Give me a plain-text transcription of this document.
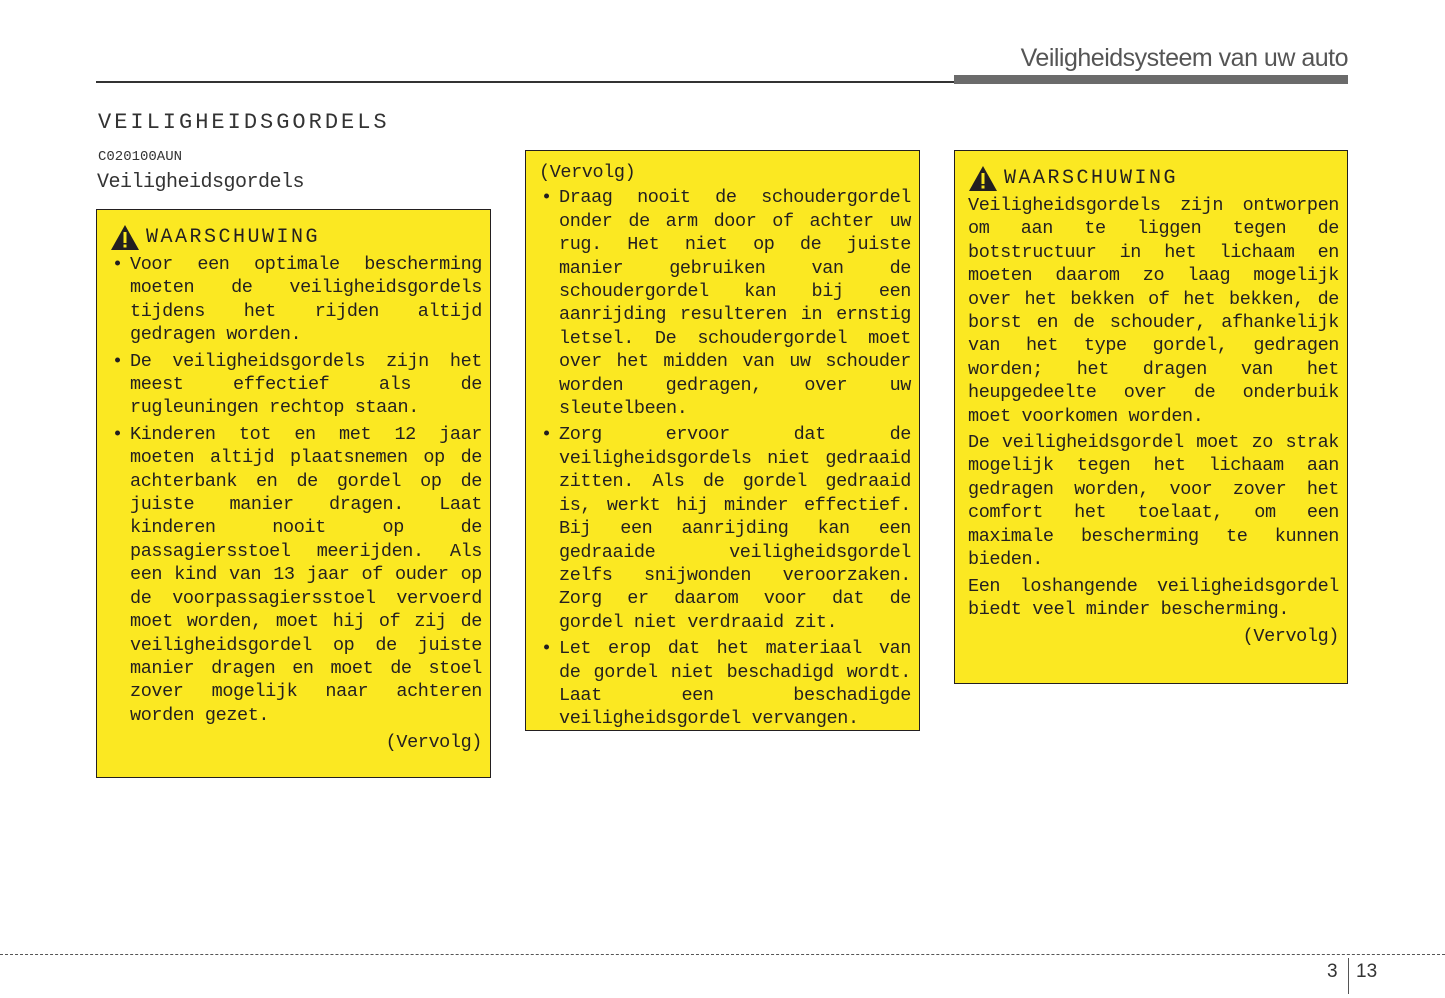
Veiligheidsysteem van uw auto
VEILIGHEIDSGORDELS
C020100AUN
Veiligheidsgordels
WAARSCHUWING
• Voor een optimale bescherming moeten de veiligheidsgordels tijdens het rijden altijd gedragen worden.
• De veiligheidsgordels zijn het meest effectief als de rugleuningen rechtop staan.
• Kinderen tot en met 12 jaar moeten altijd plaatsnemen op de achterbank en de gordel op de juiste manier dragen. Laat kinderen nooit op de passagiersstoel meerijden. Als een kind van 13 jaar of ouder op de voorpassagiersstoel vervoerd moet worden, moet hij of zij de veiligheidsgordel op de juiste manier dragen en moet de stoel zover mogelijk naar achteren worden gezet.
(Vervolg)
(Vervolg)
• Draag nooit de schoudergordel onder de arm door of achter uw rug. Het niet op de juiste manier gebruiken van de schoudergordel kan bij een aanrijding resulteren in ernstig letsel. De schoudergordel moet over het midden van uw schouder worden gedragen, over uw sleutelbeen.
• Zorg ervoor dat de veiligheidsgordels niet gedraaid zitten. Als de gordel gedraaid is, werkt hij minder effectief. Bij een aanrijding kan een gedraaide veiligheidsgordel zelfs snijwonden veroorzaken. Zorg er daarom voor dat de gordel niet verdraaid zit.
• Let erop dat het materiaal van de gordel niet beschadigd wordt. Laat een beschadigde veiligheidsgordel vervangen.
WAARSCHUWING

Veiligheidsgordels zijn ontworpen om aan te liggen tegen de botstructuur in het lichaam en moeten daarom zo laag mogelijk over het bekken of het bekken, de borst en de schouder, afhankelijk van het type gordel, gedragen worden; het dragen van het heupgedeelte over de onderbuik moet voorkomen worden.

De veiligheidsgordel moet zo strak mogelijk tegen het lichaam aan gedragen worden, voor zover het comfort het toelaat, om een maximale bescherming te kunnen bieden.

Een loshangende veiligheidsgordel biedt veel minder bescherming.

(Vervolg)
3 13
